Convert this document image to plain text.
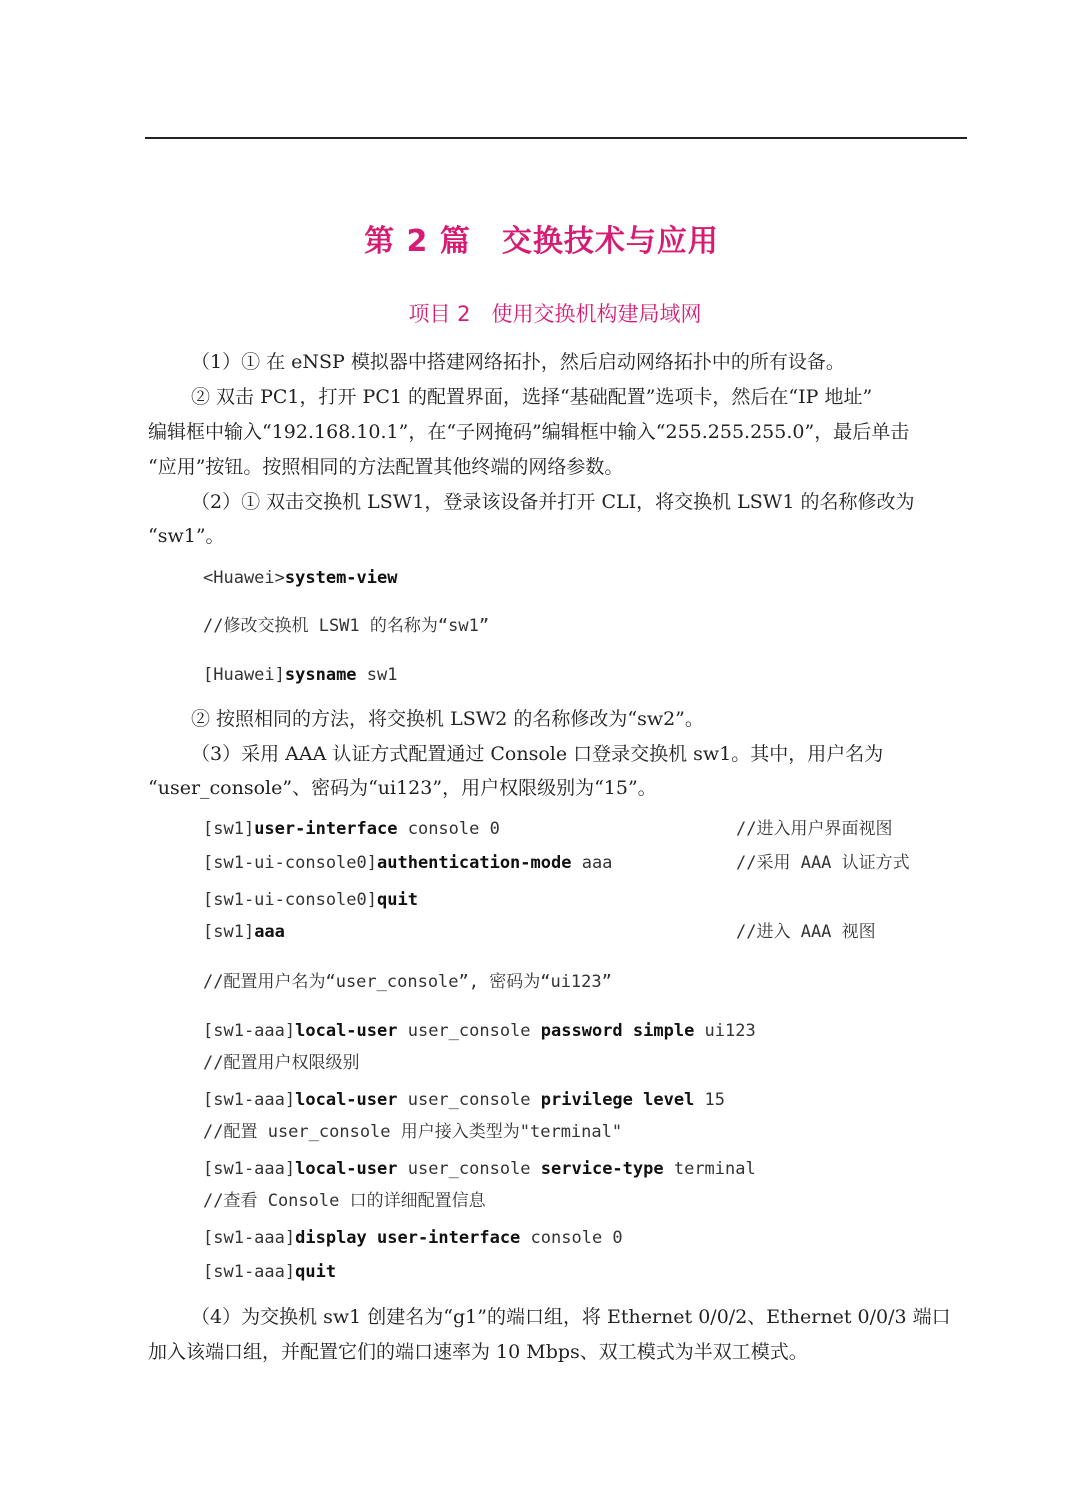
第 2 篇　交换技术与应用
项目 2　使用交换机构建局域网
（1）① 在 eNSP 模拟器中搭建网络拓扑，然后启动网络拓扑中的所有设备。
② 双击 PC1，打开 PC1 的配置界面，选择“基础配置”选项卡，然后在“IP 地址”
编辑框中输入“192.168.10.1”，在“子网掩码”编辑框中输入“255.255.255.0”，最后单击
“应用”按钮。按照相同的方法配置其他终端的网络参数。
（2）① 双击交换机 LSW1，登录该设备并打开 CLI，将交换机 LSW1 的名称修改为
“sw1”。
<Huawei>system-view
//修改交换机 LSW1 的名称为“sw1”
[Huawei]sysname sw1
② 按照相同的方法，将交换机 LSW2 的名称修改为“sw2”。
（3）采用 AAA 认证方式配置通过 Console 口登录交换机 sw1。其中，用户名为
“user_console”、密码为“ui123”，用户权限级别为“15”。
[sw1]user-interface console 0	//进入用户界面视图
[sw1-ui-console0]authentication-mode aaa	//采用 AAA 认证方式
[sw1-ui-console0]quit
[sw1]aaa	//进入 AAA 视图
//配置用户名为“user_console”, 密码为“ui123”
[sw1-aaa]local-user user_console password simple ui123
//配置用户权限级别
[sw1-aaa]local-user user_console privilege level 15
//配置 user_console 用户接入类型为"terminal"
[sw1-aaa]local-user user_console service-type terminal
//查看 Console 口的详细配置信息
[sw1-aaa]display user-interface console 0
[sw1-aaa]quit
（4）为交换机 sw1 创建名为“g1”的端口组，将 Ethernet 0/0/2、Ethernet 0/0/3 端口
加入该端口组，并配置它们的端口速率为 10 Mbps、双工模式为半双工模式。
